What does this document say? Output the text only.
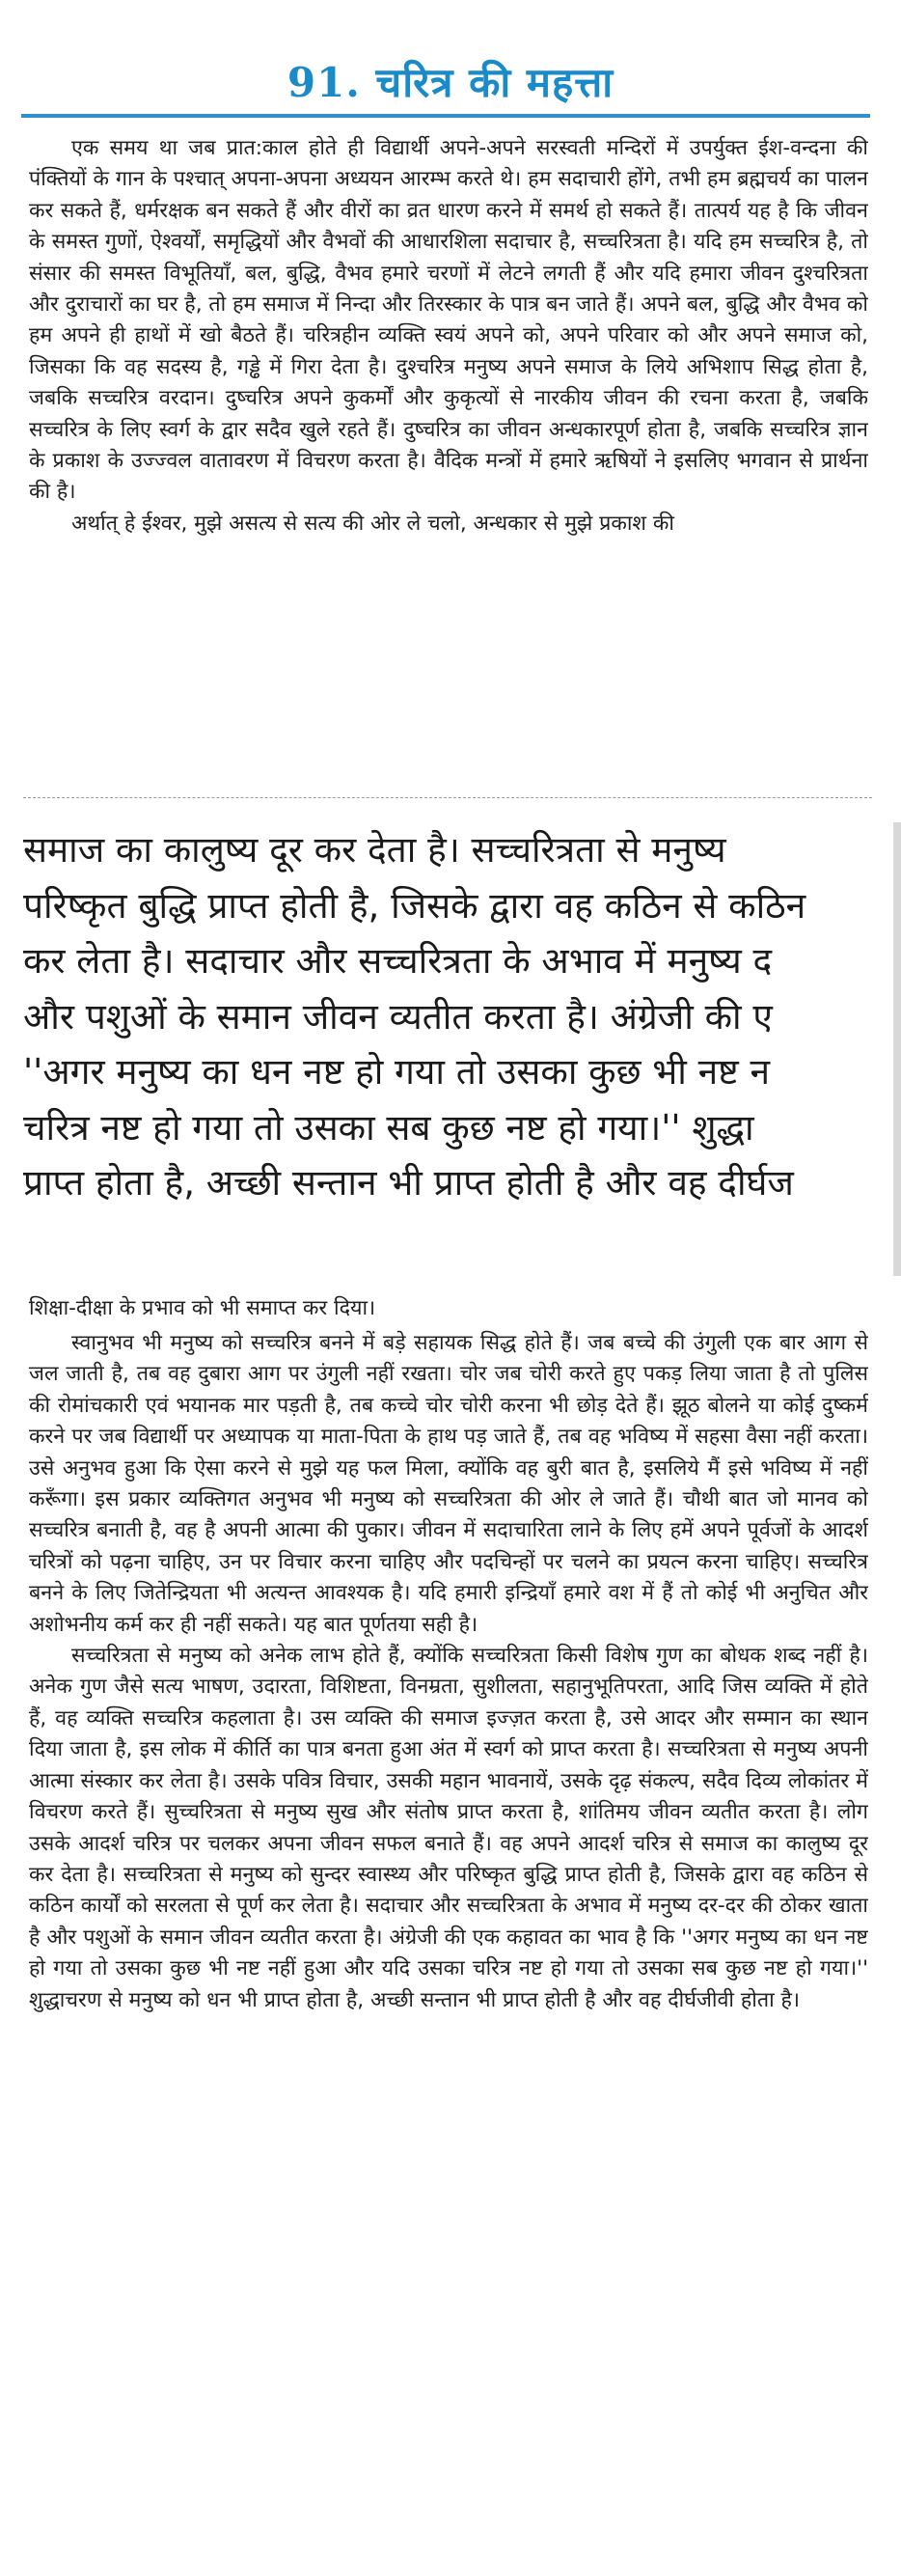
91. चरित्र की महत्ता

एक समय था जब प्रात:काल होते ही विद्यार्थी अपने-अपने सरस्वती मन्दिरों में उपर्युक्त ईश-वन्दना की पंक्तियों के गान के पश्चात् अपना-अपना अध्ययन आरम्भ करते थे। हम सदाचारी होंगे, तभी हम ब्रह्मचर्य का पालन कर सकते हैं, धर्मरक्षक बन सकते हैं और वीरों का व्रत धारण करने में समर्थ हो सकते हैं। तात्पर्य यह है कि जीवन के समस्त गुणों, ऐश्वर्यों, समृद्धियों और वैभवों की आधारशिला सदाचार है, सच्चरित्रता है। यदि हम सच्चरित्र है, तो संसार की समस्त विभूतियाँ, बल, बुद्धि, वैभव हमारे चरणों में लेटने लगती हैं और यदि हमारा जीवन दुश्चरित्रता और दुराचारों का घर है, तो हम समाज में निन्दा और तिरस्कार के पात्र बन जाते हैं। अपने बल, बुद्धि और वैभव को हम अपने ही हाथों में खो बैठते हैं। चरित्रहीन व्यक्ति स्वयं अपने को, अपने परिवार को और अपने समाज को, जिसका कि वह सदस्य है, गड्ढे में गिरा देता है। दुश्चरित्र मनुष्य अपने समाज के लिये अभिशाप सिद्ध होता है, जबकि सच्चरित्र वरदान। दुष्चरित्र अपने कुकर्मों और कुकृत्यों से नारकीय जीवन की रचना करता है, जबकि सच्चरित्र के लिए स्वर्ग के द्वार सदैव खुले रहते हैं। दुष्चरित्र का जीवन अन्धकारपूर्ण होता है, जबकि सच्चरित्र ज्ञान के प्रकाश के उज्ज्वल वातावरण में विचरण करता है। वैदिक मन्त्रों में हमारे ऋषियों ने इसलिए भगवान से प्रार्थना की है।

अर्थात् हे ईश्वर, मुझे असत्य से सत्य की ओर ले चलो, अन्धकार से मुझे प्रकाश की

समाज का कालुष्य दूर कर देता है। सच्चरित्रता से मनुष्य
परिष्कृत बुद्धि प्राप्त होती है, जिसके द्वारा वह कठिन से कठिन
कर लेता है। सदाचार और सच्चरित्रता के अभाव में मनुष्य द
और पशुओं के समान जीवन व्यतीत करता है। अंग्रेजी की ए
''अगर मनुष्य का धन नष्ट हो गया तो उसका कुछ भी नष्ट न
चरित्र नष्ट हो गया तो उसका सब कुछ नष्ट हो गया।'' शुद्धा
प्राप्त होता है, अच्छी सन्तान भी प्राप्त होती है और वह दीर्घज
शिक्षा-दीक्षा के प्रभाव को भी समाप्त कर दिया।

स्वानुभव भी मनुष्य को सच्चरित्र बनने में बड़े सहायक सिद्ध होते हैं। जब बच्चे की उंगुली एक बार आग से जल जाती है, तब वह दुबारा आग पर उंगुली नहीं रखता। चोर जब चोरी करते हुए पकड़ लिया जाता है तो पुलिस की रोमांचकारी एवं भयानक मार पड़ती है, तब कच्चे चोर चोरी करना भी छोड़ देते हैं। झूठ बोलने या कोई दुष्कर्म करने पर जब विद्यार्थी पर अध्यापक या माता-पिता के हाथ पड़ जाते हैं, तब वह भविष्य में सहसा वैसा नहीं करता। उसे अनुभव हुआ कि ऐसा करने से मुझे यह फल मिला, क्योंकि वह बुरी बात है, इसलिये मैं इसे भविष्य में नहीं करूँगा। इस प्रकार व्यक्तिगत अनुभव भी मनुष्य को सच्चरित्रता की ओर ले जाते हैं। चौथी बात जो मानव को सच्चरित्र बनाती है, वह है अपनी आत्मा की पुकार। जीवन में सदाचारिता लाने के लिए हमें अपने पूर्वजों के आदर्श चरित्रों को पढ़ना चाहिए, उन पर विचार करना चाहिए और पदचिन्हों पर चलने का प्रयत्न करना चाहिए। सच्चरित्र बनने के लिए जितेन्द्रियता भी अत्यन्त आवश्यक है। यदि हमारी इन्द्रियाँ हमारे वश में हैं तो कोई भी अनुचित और अशोभनीय कर्म कर ही नहीं सकते। यह बात पूर्णतया सही है।

सच्चरित्रता से मनुष्य को अनेक लाभ होते हैं, क्योंकि सच्चरित्रता किसी विशेष गुण का बोधक शब्द नहीं है। अनेक गुण जैसे सत्य भाषण, उदारता, विशिष्टता, विनम्रता, सुशीलता, सहानुभूतिपरता, आदि जिस व्यक्ति में होते हैं, वह व्यक्ति सच्चरित्र कहलाता है। उस व्यक्ति की समाज इज्ज़त करता है, उसे आदर और सम्मान का स्थान दिया जाता है, इस लोक में कीर्ति का पात्र बनता हुआ अंत में स्वर्ग को प्राप्त करता है। सच्चरित्रता से मनुष्य अपनी आत्मा संस्कार कर लेता है। उसके पवित्र विचार, उसकी महान भावनायें, उसके दृढ़ संकल्प, सदैव दिव्य लोकांतर में विचरण करते हैं। सुच्चरित्रता से मनुष्य सुख और संतोष प्राप्त करता है, शांतिमय जीवन व्यतीत करता है। लोग उसके आदर्श चरित्र पर चलकर अपना जीवन सफल बनाते हैं। वह अपने आदर्श चरित्र से समाज का कालुष्य दूर कर देता है। सच्चरित्रता से मनुष्य को सुन्दर स्वास्थ्य और परिष्कृत बुद्धि प्राप्त होती है, जिसके द्वारा वह कठिन से कठिन कार्यों को सरलता से पूर्ण कर लेता है। सदाचार और सच्चरित्रता के अभाव में मनुष्य दर-दर की ठोकर खाता है और पशुओं के समान जीवन व्यतीत करता है। अंग्रेजी की एक कहावत का भाव है कि ''अगर मनुष्य का धन नष्ट हो गया तो उसका कुछ भी नष्ट नहीं हुआ और यदि उसका चरित्र नष्ट हो गया तो उसका सब कुछ नष्ट हो गया।'' शुद्धाचरण से मनुष्य को धन भी प्राप्त होता है, अच्छी सन्तान भी प्राप्त होती है और वह दीर्घजीवी होता है।
